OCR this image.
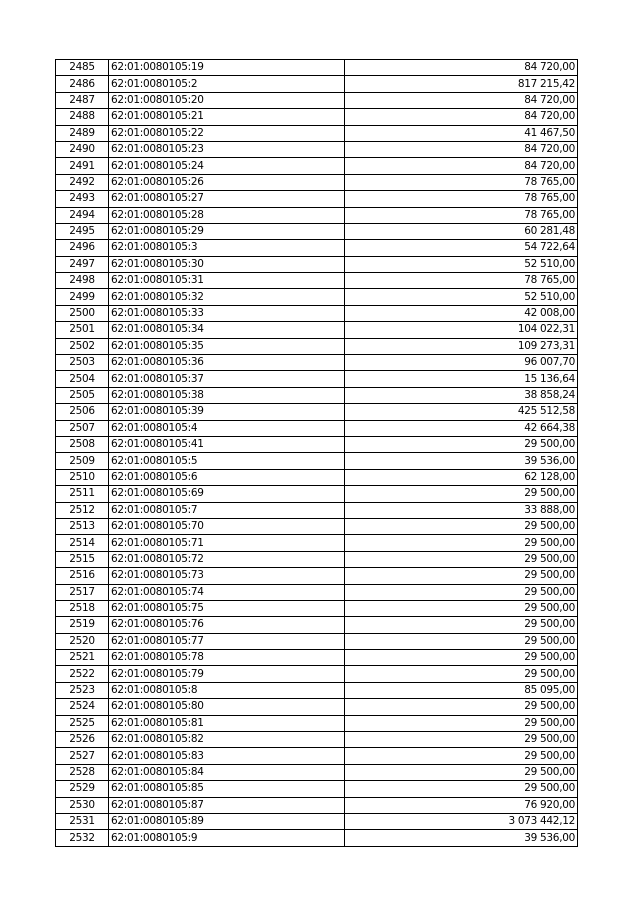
2485	62:01:0080105:19	84 720,00
2486	62:01:0080105:2	817 215,42
2487	62:01:0080105:20	84 720,00
2488	62:01:0080105:21	84 720,00
2489	62:01:0080105:22	41 467,50
2490	62:01:0080105:23	84 720,00
2491	62:01:0080105:24	84 720,00
2492	62:01:0080105:26	78 765,00
2493	62:01:0080105:27	78 765,00
2494	62:01:0080105:28	78 765,00
2495	62:01:0080105:29	60 281,48
2496	62:01:0080105:3	54 722,64
2497	62:01:0080105:30	52 510,00
2498	62:01:0080105:31	78 765,00
2499	62:01:0080105:32	52 510,00
2500	62:01:0080105:33	42 008,00
2501	62:01:0080105:34	104 022,31
2502	62:01:0080105:35	109 273,31
2503	62:01:0080105:36	96 007,70
2504	62:01:0080105:37	15 136,64
2505	62:01:0080105:38	38 858,24
2506	62:01:0080105:39	425 512,58
2507	62:01:0080105:4	42 664,38
2508	62:01:0080105:41	29 500,00
2509	62:01:0080105:5	39 536,00
2510	62:01:0080105:6	62 128,00
2511	62:01:0080105:69	29 500,00
2512	62:01:0080105:7	33 888,00
2513	62:01:0080105:70	29 500,00
2514	62:01:0080105:71	29 500,00
2515	62:01:0080105:72	29 500,00
2516	62:01:0080105:73	29 500,00
2517	62:01:0080105:74	29 500,00
2518	62:01:0080105:75	29 500,00
2519	62:01:0080105:76	29 500,00
2520	62:01:0080105:77	29 500,00
2521	62:01:0080105:78	29 500,00
2522	62:01:0080105:79	29 500,00
2523	62:01:0080105:8	85 095,00
2524	62:01:0080105:80	29 500,00
2525	62:01:0080105:81	29 500,00
2526	62:01:0080105:82	29 500,00
2527	62:01:0080105:83	29 500,00
2528	62:01:0080105:84	29 500,00
2529	62:01:0080105:85	29 500,00
2530	62:01:0080105:87	76 920,00
2531	62:01:0080105:89	3 073 442,12
2532	62:01:0080105:9	39 536,00
